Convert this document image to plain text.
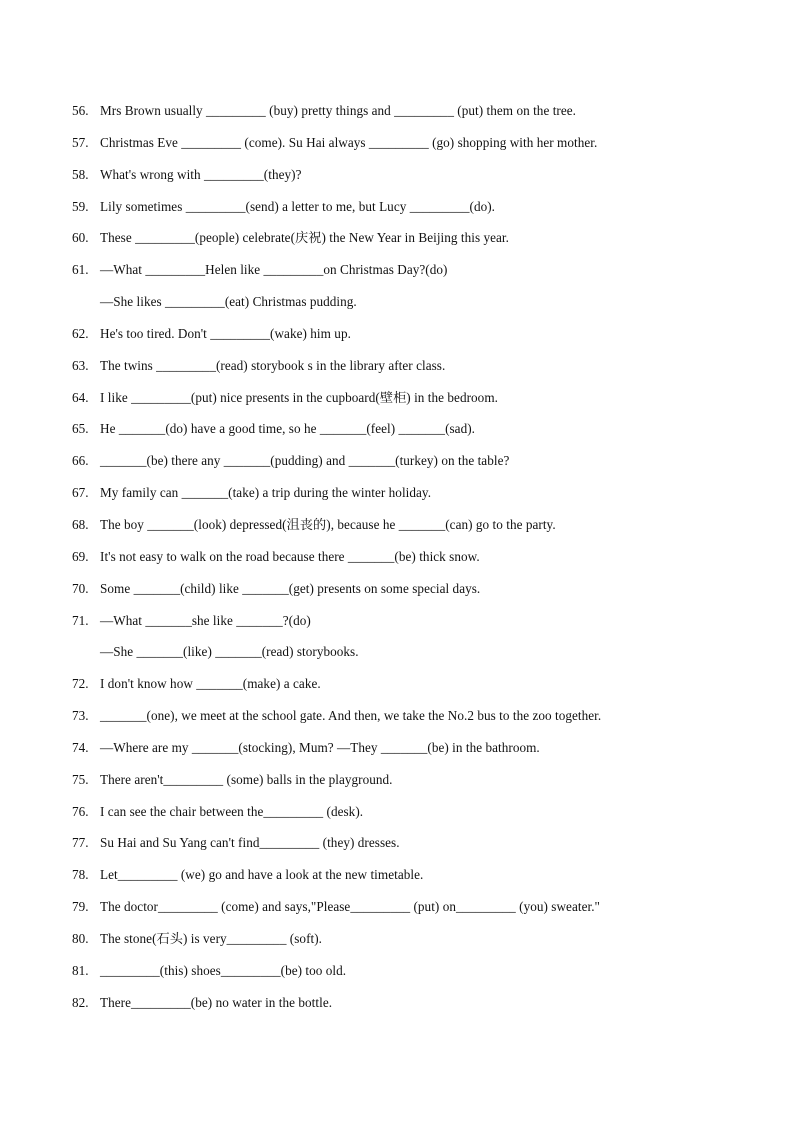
56. Mrs Brown usually _________ (buy) pretty things and _________ (put) them on the tree.
57. Christmas Eve _________ (come). Su Hai always _________ (go) shopping with her mother.
58. What's wrong with _________(they)?
59. Lily sometimes _________(send) a letter to me, but Lucy _________(do).
60. These _________(people) celebrate(庆祝) the New Year in Beijing this year.
61. —What _________Helen like _________on Christmas Day?(do)
—She likes _________(eat) Christmas pudding.
62. He's too tired. Don't _________(wake) him up.
63. The twins _________(read) storybook s in the library after class.
64. I like _________(put) nice presents in the cupboard(壁柜) in the bedroom.
65. He _______(do) have a good time, so he _______(feel) _______(sad).
66. _______(be) there any _______(pudding) and _______(turkey) on the table?
67. My family can _______(take) a trip during the winter holiday.
68. The boy _______(look) depressed(沮丧的), because he _______(can) go to the party.
69. It's not easy to walk on the road because there _______(be) thick snow.
70. Some _______(child) like _______(get) presents on some special days.
71. —What _______she like _______?(do)
—She _______(like) _______(read) storybooks.
72. I don't know how _______(make) a cake.
73. _______(one), we meet at the school gate. And then, we take the No.2 bus to the zoo together.
74. —Where are my _______(stocking), Mum? —They _______(be) in the bathroom.
75. There aren't_________ (some) balls in the playground.
76. I can see the chair between the_________ (desk).
77. Su Hai and Su Yang can't find_________ (they) dresses.
78. Let_________ (we) go and have a look at the new timetable.
79. The doctor_________ (come) and says,"Please_________ (put) on_________ (you) sweater."
80. The stone(石头) is very_________ (soft).
81. _________(this) shoes_________(be) too old.
82. There_________(be) no water in the bottle.
